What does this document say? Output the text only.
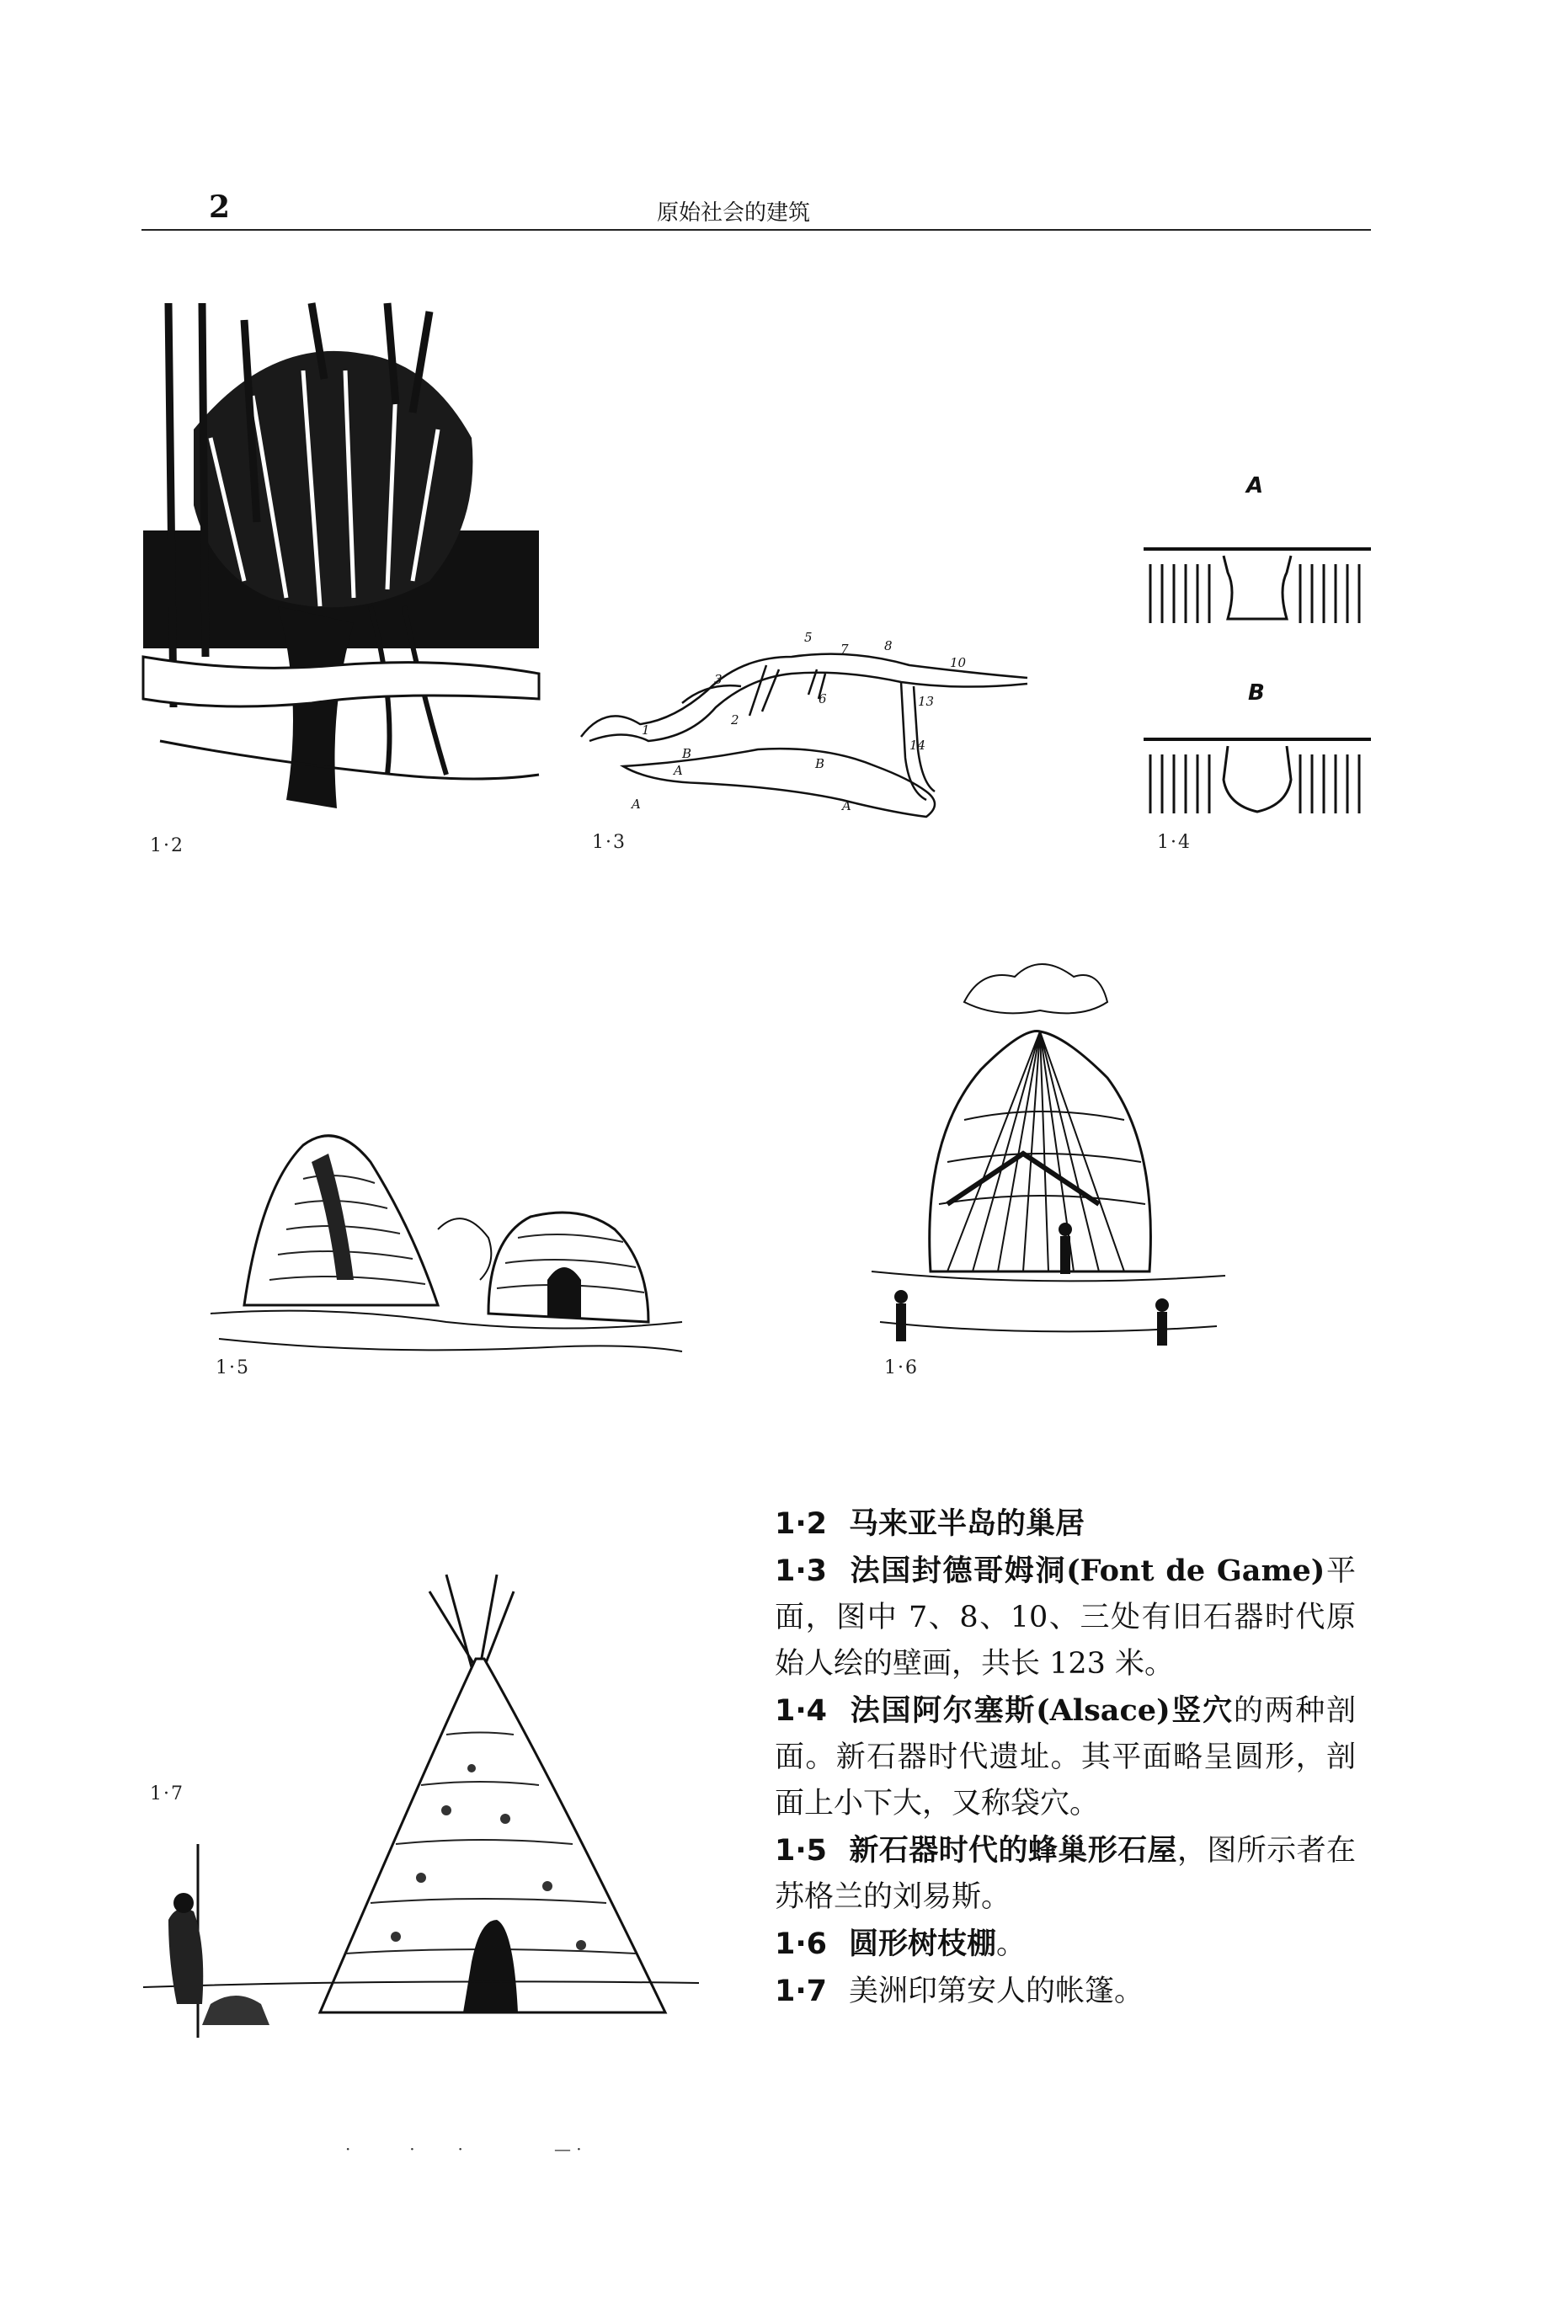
2	原始社会的建筑
1·2
1
2
3
5
6
7	8
10
13
14
A
B
B
A	A
1·3
A
B
1·4
1·5	1·6
1·7

1·2 马来亚半岛的巢居

1·3 法国封德哥姆洞(Font de Game)平面，图中 7、8、10、三处有旧石器时代原始人绘的壁画，共长 123 米。

1·4 法国阿尔塞斯(Alsace)竖穴的两种剖面。新石器时代遗址。其平面略呈圆形，剖面上小下大，又称袋穴。

1·5 新石器时代的蜂巢形石屋，图所示者在苏格兰的刘易斯。

1·6 圆形树枝棚。

1·7 美洲印第安人的帐篷。

·           ·        ·                 — ·
